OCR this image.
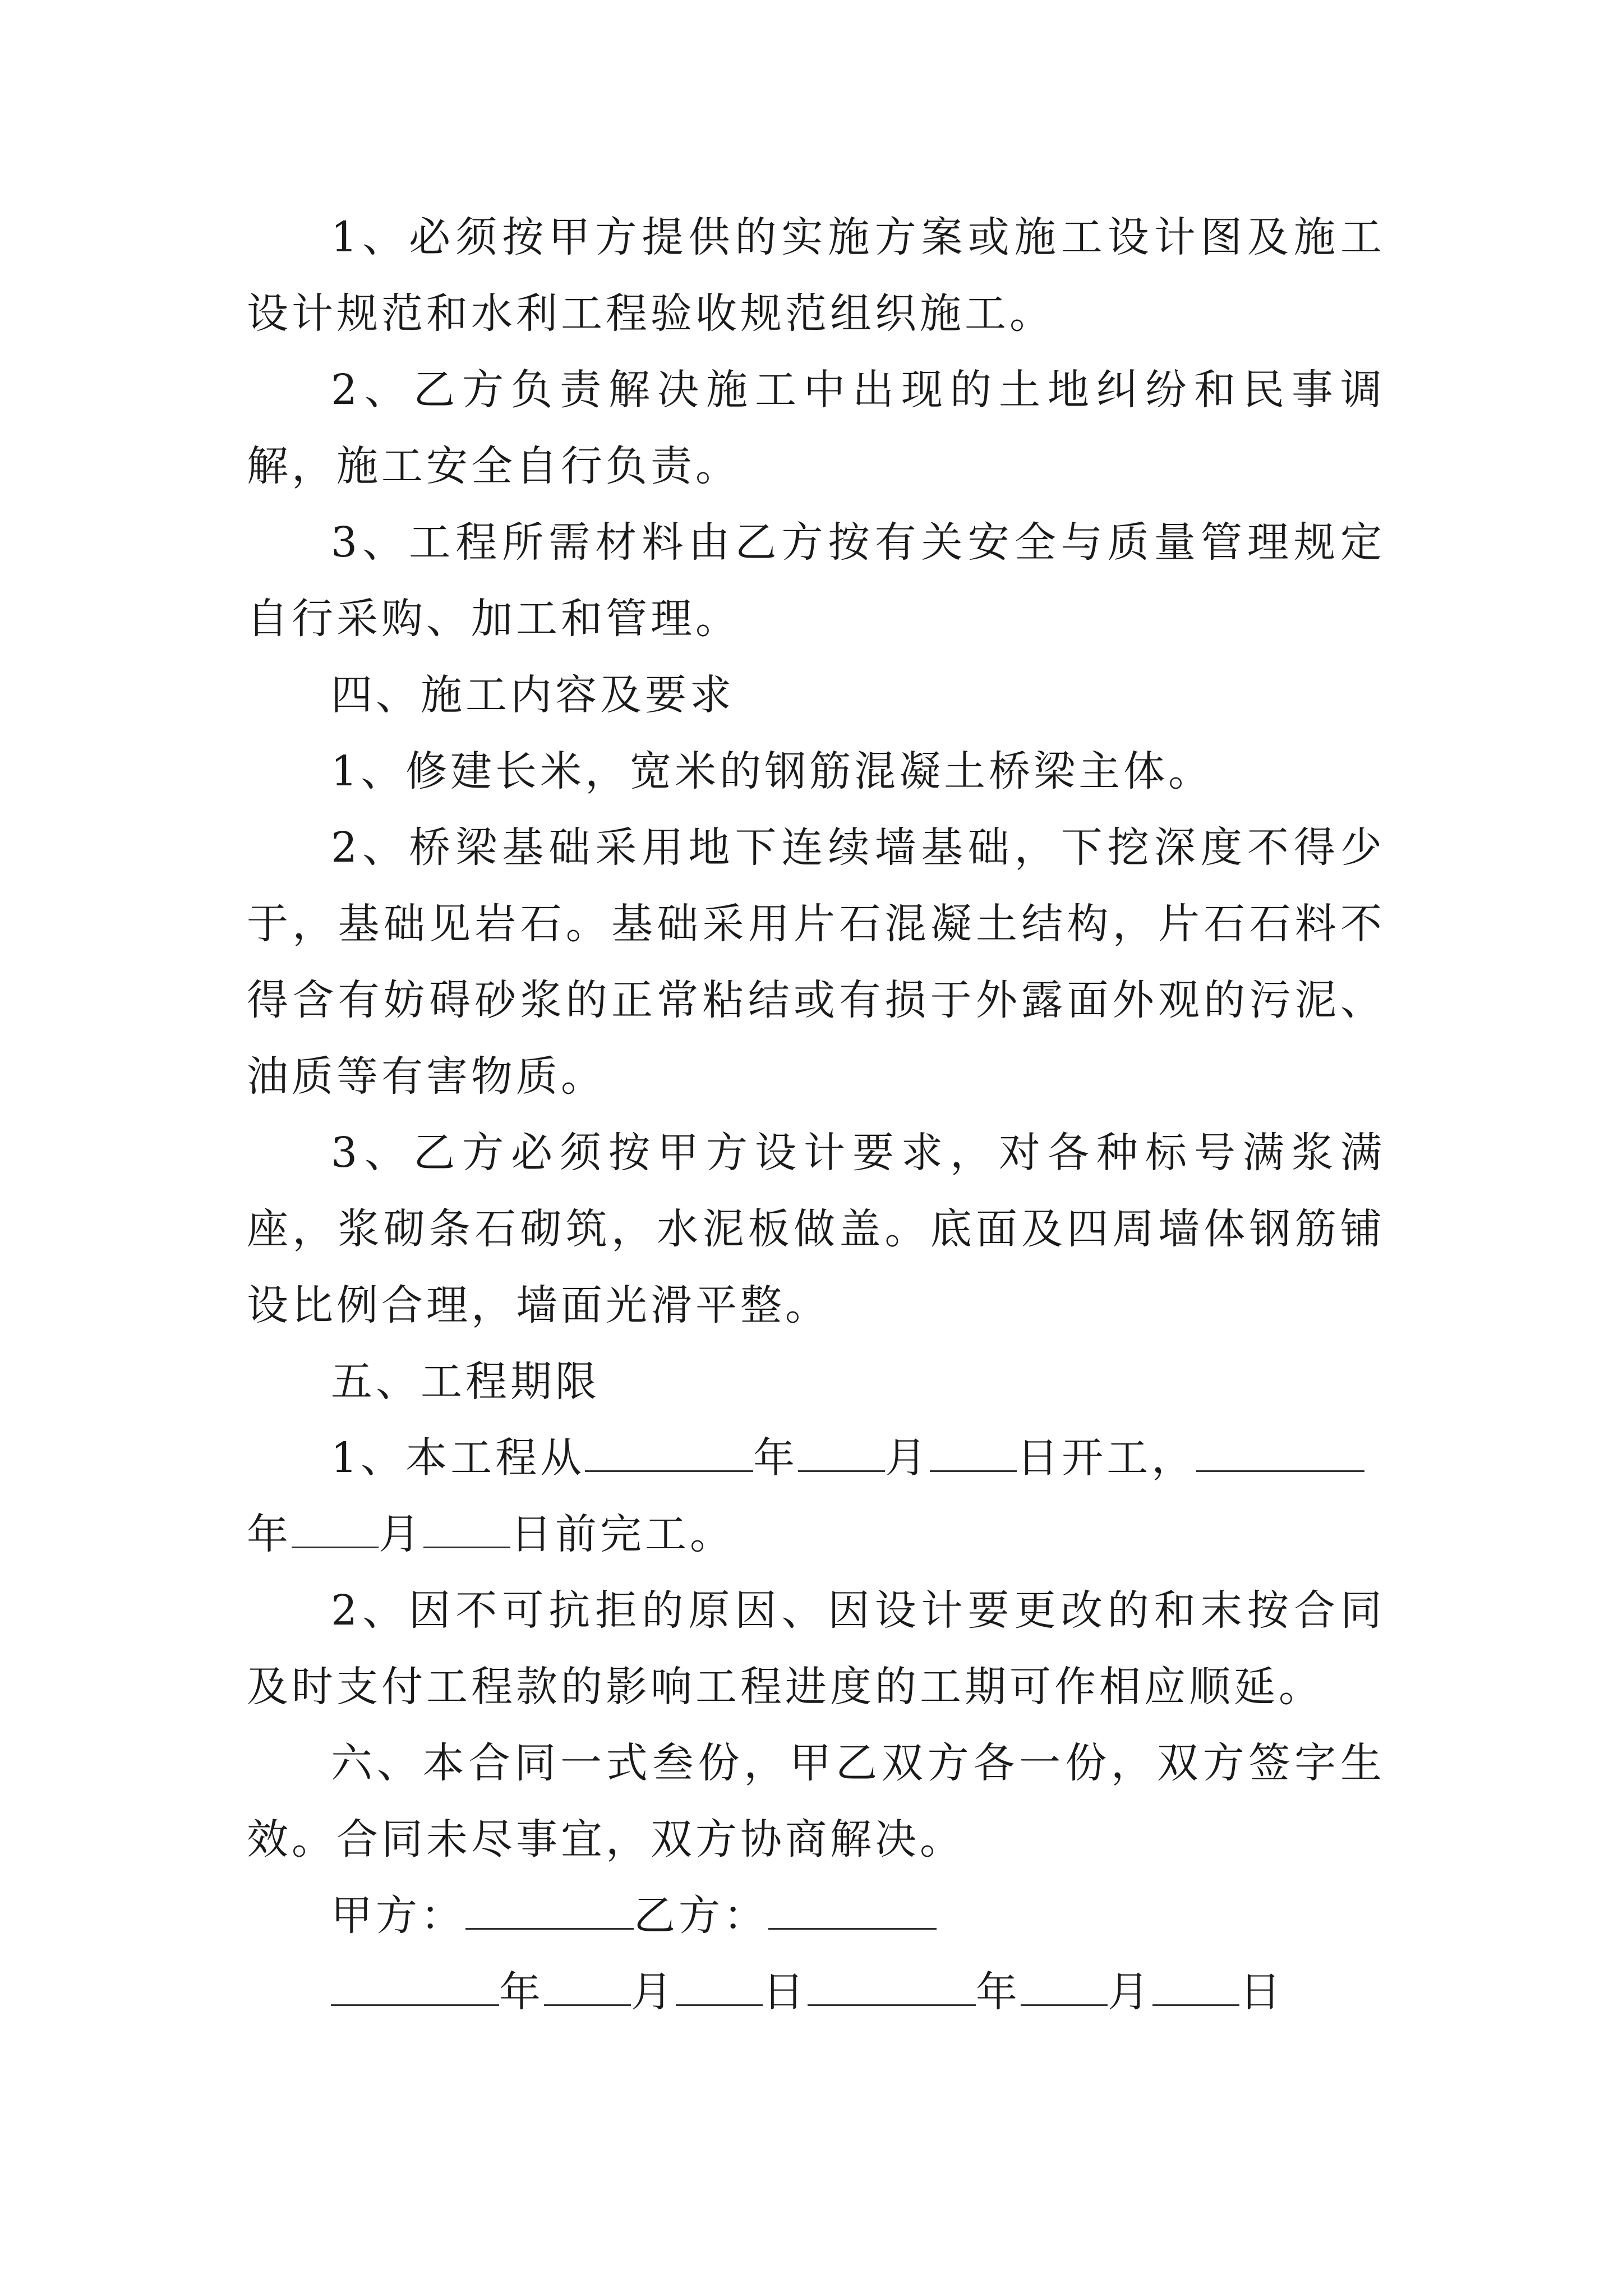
1、必须按甲方提供的实施方案或施工设计图及施工设计规范和水利工程验收规范组织施工。

2、乙方负责解决施工中出现的土地纠纷和民事调解，施工安全自行负责。

3、工程所需材料由乙方按有关安全与质量管理规定自行采购、加工和管理。

四、施工内容及要求

1、修建长米，宽米的钢筋混凝土桥梁主体。

2、桥梁基础采用地下连续墙基础，下挖深度不得少于，基础见岩石。基础采用片石混凝土结构，片石石料不得含有妨碍砂浆的正常粘结或有损于外露面外观的污泥、油质等有害物质。

3、乙方必须按甲方设计要求，对各种标号满浆满座，浆砌条石砌筑，水泥板做盖。底面及四周墙体钢筋铺设比例合理，墙面光滑平整。

五、工程期限

1、本工程从	年 月 日开工，
年 月 日前完工。

2、因不可抗拒的原因、因设计要更改的和末按合同及时支付工程款的影响工程进度的工期可作相应顺延。

六、本合同一式叁份，甲乙双方各一份，双方签字生效。合同未尽事宜，双方协商解决。

甲方：	乙方：
年 月 日	年 月 日
